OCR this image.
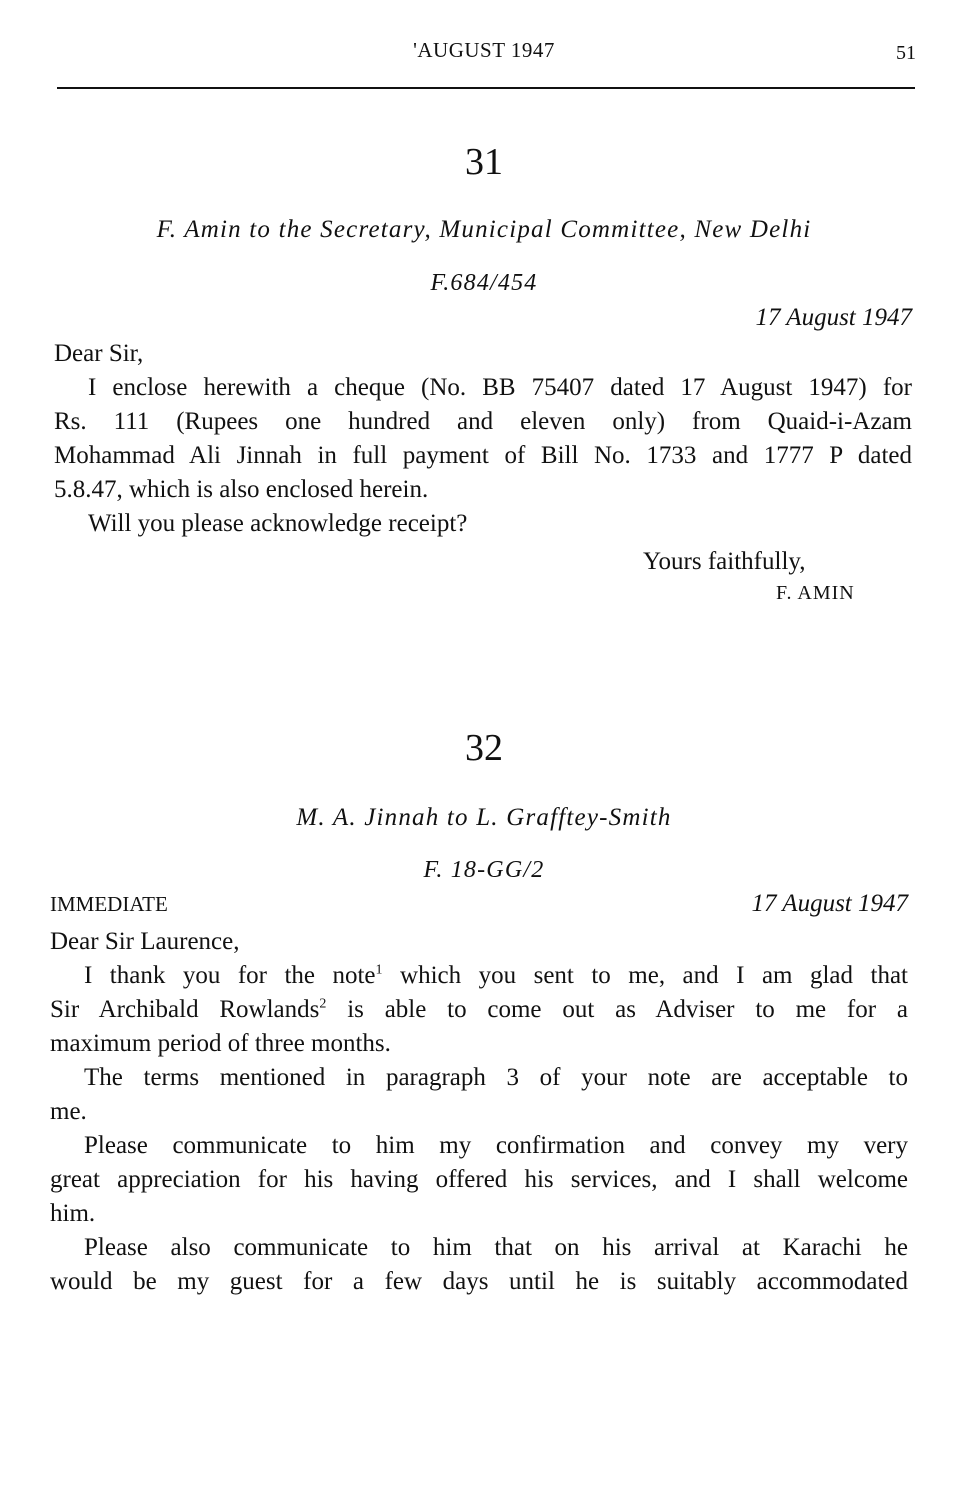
'AUGUST 1947	51
31
F. Amin to the Secretary, Municipal Committee, New Delhi
F.684/454
17 August 1947
Dear Sir,
I enclose herewith a cheque (No. BB 75407 dated 17 August 1947) for
Rs. 111 (Rupees one hundred and eleven only) from Quaid-i-Azam
Mohammad Ali Jinnah in full payment of Bill No. 1733 and 1777 P dated
5.8.47, which is also enclosed herein.
Will you please acknowledge receipt?
Yours faithfully,
F. AMIN
32
M. A. Jinnah to L. Grafftey-Smith
F. 18-GG/2
IMMEDIATE	17 August 1947
Dear Sir Laurence,
I thank you for the note$^1$ which you sent to me, and I am glad that
Sir Archibald Rowlands$^2$ is able to come out as Adviser to me for a
maximum period of three months.
The terms mentioned in paragraph 3 of your note are acceptable to
me.
Please communicate to him my confirmation and convey my very
great appreciation for his having offered his services, and I shall welcome
him.
Please also communicate to him that on his arrival at Karachi he
would be my guest for a few days until he is suitably accommodated
